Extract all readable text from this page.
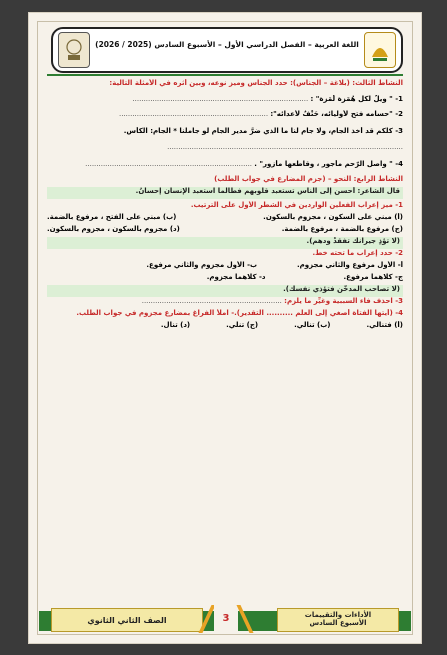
اللغة العربية – الفصل الدراسي الأول – الأسبوع السادس (2025 / 2026)
النشاط الثالث: (بلاغة – الجناس): حدد الجناس وميز نوعه، وبين أثره في الأمثلة التالية:
1- " ويلٌ لكل هُمَزة لُمَزة" : ...............................................................................
2- "حسامه فتح لأوليائه، حَتْفٌ لأعدائه": ...................................................................
3- كلكم قد أخذ الجام، ولا جام لنا ما الذي ضرَّ مدير الجام لو جاملنا * الجام: الكأس.
..........................................................................................................
4- " واصل الرّحم مأجور ، وقاطعها مأزور" . ...........................................................................
النشاط الرابع: النحو – (جزم المضارع في جواب الطلب)
قال الشاعر: أحسن إلى الناس تستعبد قلوبهم فطالما استعبد الإنسان إحسانُ.
1- ميز إعراب الفعلين الواردين في الشطر الأول على الترتيب.
(أ) مبني على السكون ، مجزوم بالسكون.
(ب) مبني على الفتح ، مرفوع بالضمة.
(ج) مرفوع بالضمة ، مرفوع بالضمة.
(د) مجزوم بالسكون ، مجزوم بالسكون.
(لا تؤذِ جيرانك تفقدْ ودهم).
2- حدد إعراب ما تحته خط.
أ- الأول مرفوع والثاني مجزوم.
ب- الأول مجزوم والثاني مرفوع.
ج- كلاهما مرفوع.
د- كلاهما مجزوم.
(لا تصاحب المدخّن فتؤذي نفسك).
3- احذف فاء السببية وغيِّر ما يلزم: ...............................................................
4- (أيتها الفتاة أصغي إلى العلم .......... التقدير).- املأ الفراغ بمضارع مجزوم في جواب الطلب.
(أ) فتنالي.
(ب) تنالي.
(ج) تنلي.
(د) تنال.
الصف الثاني الثانوي	3	الأداءات والتقييمات
الأسبوع السادس
